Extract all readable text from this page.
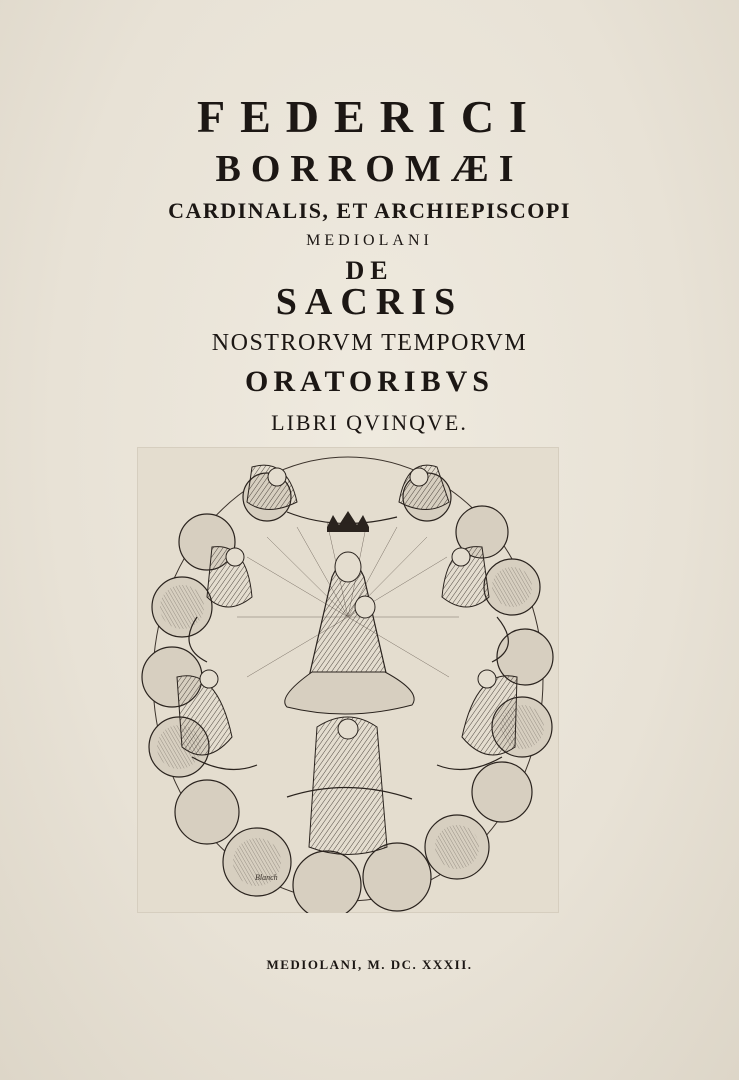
FEDERICI
BORROMÆI
CARDINALIS, ET ARCHIEPISCOPI
MEDIOLANI
DE
SACRIS
NOSTRORVM TEMPORVM
ORATORIBVS
LIBRI QVINQVE.
Blanch
MEDIOLANI, M. DC. XXXII.
